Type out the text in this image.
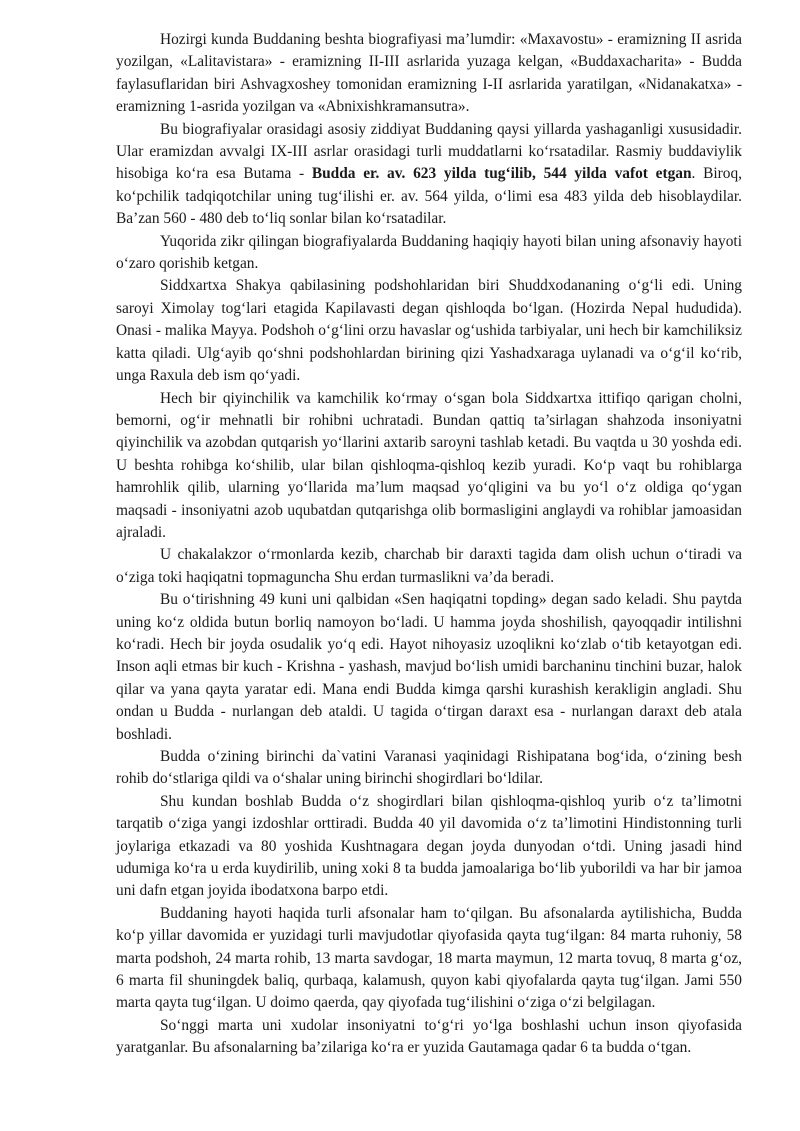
Hozirgi kunda Buddaning beshta biografiyasi ma’lumdir: «Maxavostu» - eramizning II asrida yozilgan, «Lalitavistara» - eramizning II-III asrlarida yuzaga kelgan, «Buddaxacharita» - Budda faylasuflaridan biri Ashvagxoshey tomonidan eramizning I-II asrlarida yaratilgan, «Nidanakatxa» - eramizning 1-asrida yozilgan va «Abnixishkramansutra».

Bu biografiyalar orasidagi asosiy ziddiyat Buddaning qaysi yillarda yashaganligi xususidadir. Ular eramizdan avvalgi IX-III asrlar orasidagi turli muddatlarni ko‘rsatadilar. Rasmiy buddaviylik hisobiga ko‘ra esa Butama - Budda er. av. 623 yilda tug‘ilib, 544 yilda vafot etgan. Biroq, ko‘pchilik tadqiqotchilar uning tug‘ilishi er. av. 564 yilda, o‘limi esa 483 yilda deb hisoblaydilar. Ba’zan 560 - 480 deb to‘liq sonlar bilan ko‘rsatadilar.

Yuqorida zikr qilingan biografiyalarda Buddaning haqiqiy hayoti bilan uning afsonaviy hayoti o‘zaro qorishib ketgan.

Siddxartxa Shakya qabilasining podshohlaridan biri Shuddxodananing o‘g‘li edi. Uning saroyi Ximolay tog‘lari etagida Kapilavasti degan qishloqda bo‘lgan. (Hozirda Nepal hududida). Onasi - malika Mayya. Podshoh o‘g‘lini orzu havaslar og‘ushida tarbiyalar, uni hech bir kamchiliksiz katta qiladi. Ulg‘ayib qo‘shni podshohlardan birining qizi Yashadxaraga uylanadi va o‘g‘il ko‘rib, unga Raxula deb ism qo‘yadi.

Hech bir qiyinchilik va kamchilik ko‘rmay o‘sgan bola Siddxartxa ittifiqo qarigan cholni, bemorni, og‘ir mehnatli bir rohibni uchratadi. Bundan qattiq ta’sirlagan shahzoda insoniyatni qiyinchilik va azobdan qutqarish yo‘llarini axtarib saroyni tashlab ketadi. Bu vaqtda u 30 yoshda edi. U beshta rohibga ko‘shilib, ular bilan qishloqma-qishloq kezib yuradi. Ko‘p vaqt bu rohiblarga hamrohlik qilib, ularning yo‘llarida ma’lum maqsad yo‘qligini va bu yo‘l o‘z oldiga qo‘ygan maqsadi - insoniyatni azob uqubatdan qutqarishga olib bormasligini anglaydi va rohiblar jamoasidan ajraladi.

U chakalakzor o‘rmonlarda kezib, charchab bir daraxti tagida dam olish uchun o‘tiradi va o‘ziga toki haqiqatni topmaguncha Shu erdan turmaslikni va’da beradi.

Bu o‘tirishning 49 kuni uni qalbidan «Sen haqiqatni topding» degan sado keladi. Shu paytda uning ko‘z oldida butun borliq namoyon bo‘ladi. U hamma joyda shoshilish, qayoqqadir intilishni ko‘radi. Hech bir joyda osudalik yo‘q edi. Hayot nihoyasiz uzoqlikni ko‘zlab o‘tib ketayotgan edi. Inson aqli etmas bir kuch - Krishna - yashash, mavjud bo‘lish umidi barchaninu tinchini buzar, halok qilar va yana qayta yaratar edi. Mana endi Budda kimga qarshi kurashish kerakligin angladi. Shu ondan u Budda - nurlangan deb ataldi. U tagida o‘tirgan daraxt esa - nurlangan daraxt deb atala boshladi.

Budda o‘zining birinchi da`vatini Varanasi yaqinidagi Rishipatana bog‘ida, o‘zining besh rohib do‘stlariga qildi va o‘shalar uning birinchi shogirdlari bo‘ldilar.

Shu kundan boshlab Budda o‘z shogirdlari bilan qishloqma-qishloq yurib o‘z ta’limotni tarqatib o‘ziga yangi izdoshlar orttiradi. Budda 40 yil davomida o‘z ta’limotini Hindistonning turli joylariga etkazadi va 80 yoshida Kushtnagara degan joyda dunyodan o‘tdi. Uning jasadi hind udumiga ko‘ra u erda kuydirilib, uning xoki 8 ta budda jamoalariga bo‘lib yuborildi va har bir jamoa uni dafn etgan joyida ibodatxona barpo etdi.

Buddaning hayoti haqida turli afsonalar ham to‘qilgan. Bu afsonalarda aytilishicha, Budda ko‘p yillar davomida er yuzidagi turli mavjudotlar qiyofasida qayta tug‘ilgan: 84 marta ruhoniy, 58 marta podshoh, 24 marta rohib, 13 marta savdogar, 18 marta maymun, 12 marta tovuq, 8 marta g‘oz, 6 marta fil shuningdek baliq, qurbaqa, kalamush, quyon kabi qiyofalarda qayta tug‘ilgan. Jami 550 marta qayta tug‘ilgan. U doimo qaerda, qay qiyofada tug‘ilishini o‘ziga o‘zi belgilagan.

So‘nggi marta uni xudolar insoniyatni to‘g‘ri yo‘lga boshlashi uchun inson qiyofasida yaratganlar. Bu afsonalarning ba’zilariga ko‘ra er yuzida Gautamaga qadar 6 ta budda o‘tgan.
